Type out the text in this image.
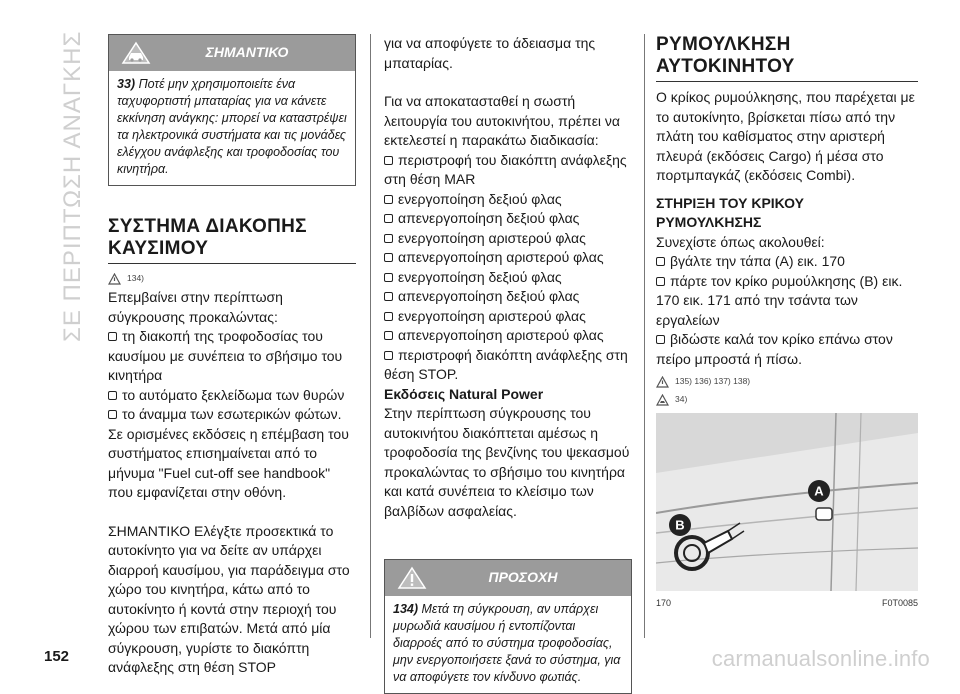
ΣΕ ΠΕΡΙΠΤΩΣΗ ΑΝΑΓΚΗΣ	ΣΗΜΑΝΤΙΚΟ
33) Ποτέ μην χρησιμοποιείτε ένα ταχυφορτιστή μπαταρίας για να κάνετε εκκίνηση ανάγκης: μπορεί να καταστρέψει τα ηλεκτρονικά συστήματα και τις μονάδες ελέγχου ανάφλεξης και τροφοδοσίας του κινητήρα.
ΣΥΣΤΗΜΑ ΔΙΑΚΟΠΗΣ
ΚΑΥΣΙΜΟΥ
134)

Επεμβαίνει στην περίπτωση σύγκρουσης προκαλώντας:

τη διακοπή της τροφοδοσίας του καυσίμου με συνέπεια το σβήσιμο του κινητήρα

το αυτόματο ξεκλείδωμα των θυρών

το άναμμα των εσωτερικών φώτων.

Σε ορισμένες εκδόσεις η επέμβαση του συστήματος επισημαίνεται από το μήνυμα "Fuel cut-off see handbook" που εμφανίζεται στην οθόνη.

ΣΗΜΑΝΤΙΚΟ Ελέγξτε προσεκτικά το αυτοκίνητο για να δείτε αν υπάρχει διαρροή καυσίμου, για παράδειγμα στο χώρο του κινητήρα, κάτω από το αυτοκίνητο ή κοντά στην περιοχή του χώρου των επιβατών. Μετά από μία σύγκρουση, γυρίστε το διακόπτη ανάφλεξης στη θέση STOP

για να αποφύγετε το άδειασμα της μπαταρίας.

Για να αποκατασταθεί η σωστή λειτουργία του αυτοκινήτου, πρέπει να εκτελεστεί η παρακάτω διαδικασία:

περιστροφή του διακόπτη ανάφλεξης στη θέση MAR

ενεργοποίηση δεξιού φλας

απενεργοποίηση δεξιού φλας

ενεργοποίηση αριστερού φλας

απενεργοποίηση αριστερού φλας

ενεργοποίηση δεξιού φλας

απενεργοποίηση δεξιού φλας

ενεργοποίηση αριστερού φλας

απενεργοποίηση αριστερού φλας

περιστροφή διακόπτη ανάφλεξης στη θέση STOP.

Εκδόσεις Natural Power

Στην περίπτωση σύγκρουσης του αυτοκινήτου διακόπτεται αμέσως η τροφοδοσία της βενζίνης του ψεκασμού προκαλώντας το σβήσιμο του κινητήρα και κατά συνέπεια το κλείσιμο των βαλβίδων ασφαλείας.

ΠΡΟΣΟΧΗ
134) Μετά τη σύγκρουση, αν υπάρχει μυρωδιά καυσίμου ή εντοπίζονται διαρροές από το σύστημα τροφοδοσίας, μην ενεργοποιήσετε ξανά το σύστημα, για να αποφύγετε τον κίνδυνο φωτιάς.
ΡΥΜΟΥΛΚΗΣΗ
ΑΥΤΟΚΙΝΗΤΟΥ

Ο κρίκος ρυμούλκησης, που παρέχεται με το αυτοκίνητο, βρίσκεται πίσω από την πλάτη του καθίσματος στην αριστερή πλευρά (εκδόσεις Cargo) ή μέσα στο πορτμπαγκάζ (εκδόσεις Combi).

ΣΤΗΡΙΞΗ ΤΟΥ ΚΡΙΚΟΥ
ΡΥΜΟΥΛΚΗΣΗΣ

Συνεχίστε όπως ακολουθεί:

βγάλτε την τάπα (A) εικ. 170

πάρτε τον κρίκο ρυμούλκησης (B) εικ. 170 εικ. 171 από την τσάντα των εργαλείων

βιδώστε καλά τον κρίκο επάνω στον πείρο μπροστά ή πίσω.

135) 136) 137) 138)
34)
A
B
170	F0T0085
152	carmanualsonline.info
